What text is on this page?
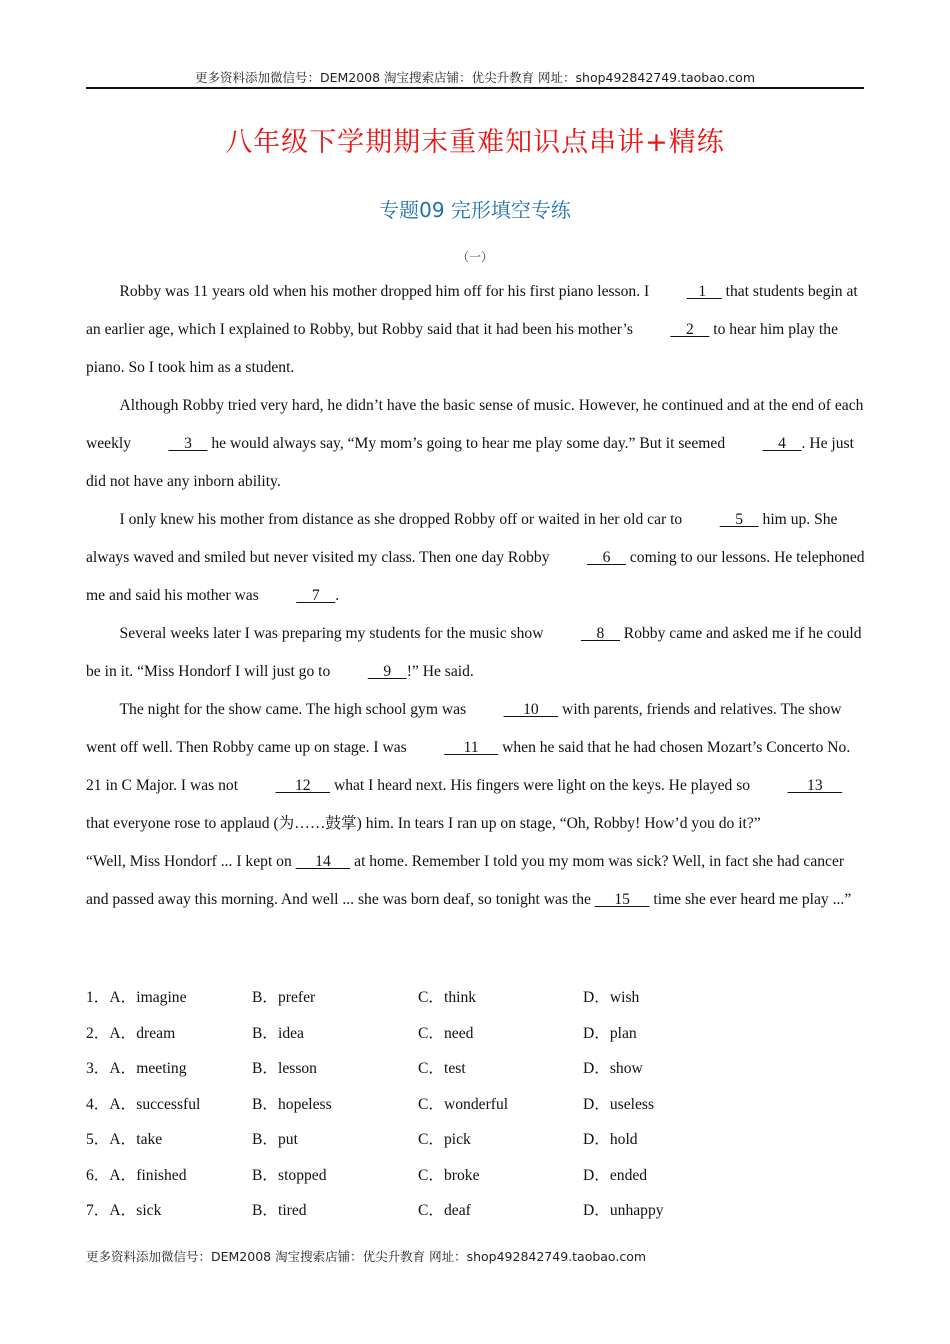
更多资料添加微信号：DEM2008 淘宝搜索店铺：优尖升教育 网址：shop492842749.taobao.com
八年级下学期期末重难知识点串讲+精练
专题09 完形填空专练
（一）

Robby was 11 years old when his mother dropped him off for his first piano lesson. I    1     that students begin at an earlier age, which I explained to Robby, but Robby said that it had been his mother’s     2     to hear him play the piano. So I took him as a student.

Although Robby tried very hard, he didn’t have the basic sense of music. However, he continued and at the end of each weekly     3     he would always say, “My mom’s going to hear me play some day.” But it seemed     4    . He just did not have any inborn ability.

I only knew his mother from distance as she dropped Robby off or waited in her old car to     5     him up. She always waved and smiled but never visited my class. Then one day Robby     6     coming to our lessons. He telephoned me and said his mother was     7    .

Several weeks later I was preparing my students for the music show     8     Robby came and asked me if he could be in it. “Miss Hondorf I will just go to     9    !” He said.

The night for the show came. The high school gym was      10      with parents, friends and relatives. The show went off well. Then Robby came up on stage. I was      11      when he said that he had chosen Mozart’s Concerto No. 21 in C Major. I was not      12      what I heard next. His fingers were light on the keys. He played so      13      that everyone rose to applaud (为……鼓掌) him. In tears I ran up on stage, “Oh, Robby! How’d you do it?”

“Well, Miss Hondorf ... I kept on      14      at home. Remember I told you my mom was sick? Well, in fact she had cancer and passed away this morning. And well ... she was born deaf, so tonight was the      15      time she ever heard me play ...”

1．A．imagine	B．prefer	C．think	D．wish
2．A．dream	B．idea	C．need	D．plan
3．A．meeting	B．lesson	C．test	D．show
4．A．successful	B．hopeless	C．wonderful	D．useless
5．A．take	B．put	C．pick	D．hold
6．A．finished	B．stopped	C．broke	D．ended
7．A．sick	B．tired	C．deaf	D．unhappy
更多资料添加微信号：DEM2008 淘宝搜索店铺：优尖升教育 网址：shop492842749.taobao.com
